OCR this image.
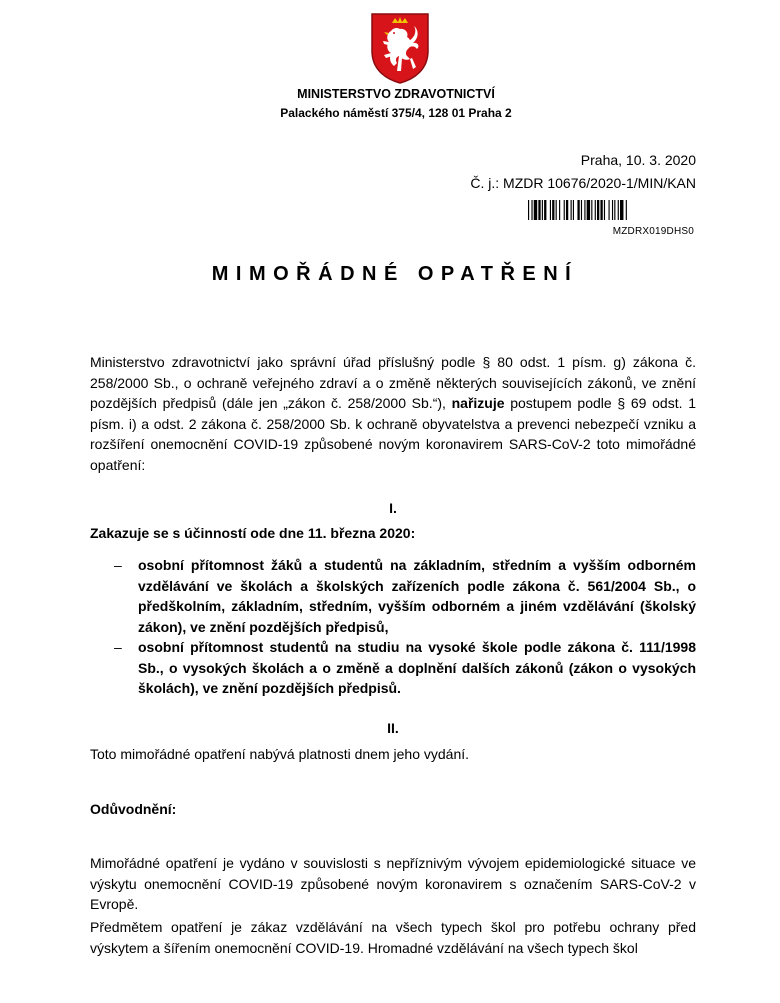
MINISTERSTVO ZDRAVOTNICTVÍ
Palackého náměstí 375/4, 128 01 Praha 2
Praha, 10. 3. 2020
Č. j.: MZDR 10676/2020-1/MIN/KAN
MZDRX019DHS0
MIMOŘÁDNÉ OPATŘENÍ
Ministerstvo zdravotnictví jako správní úřad příslušný podle § 80 odst. 1 písm. g) zákona č. 258/2000 Sb., o ochraně veřejného zdraví a o změně některých souvisejících zákonů, ve znění pozdějších předpisů (dále jen „zákon č. 258/2000 Sb.“), nařizuje postupem podle § 69 odst. 1 písm. i) a odst. 2 zákona č. 258/2000 Sb. k ochraně obyvatelstva a prevenci nebezpečí vzniku a rozšíření onemocnění COVID-19 způsobené novým koronavirem SARS-CoV-2 toto mimořádné opatření:
I.
Zakazuje se s účinností ode dne 11. března 2020:
– osobní přítomnost žáků a studentů na základním, středním a vyšším odborném vzdělávání ve školách a školských zařízeních podle zákona č. 561/2004 Sb., o předškolním, základním, středním, vyšším odborném a jiném vzdělávání (školský zákon), ve znění pozdějších předpisů,
– osobní přítomnost studentů na studiu na vysoké škole podle zákona č. 111/1998 Sb., o vysokých školách a o změně a doplnění dalších zákonů (zákon o vysokých školách), ve znění pozdějších předpisů.
II.
Toto mimořádné opatření nabývá platnosti dnem jeho vydání.
Odůvodnění:
Mimořádné opatření je vydáno v souvislosti s nepříznivým vývojem epidemiologické situace ve výskytu onemocnění COVID-19 způsobené novým koronavirem s označením SARS-CoV-2 v Evropě.
Předmětem opatření je zákaz vzdělávání na všech typech škol pro potřebu ochrany před výskytem a šířením onemocnění COVID-19. Hromadné vzdělávání na všech typech škol
